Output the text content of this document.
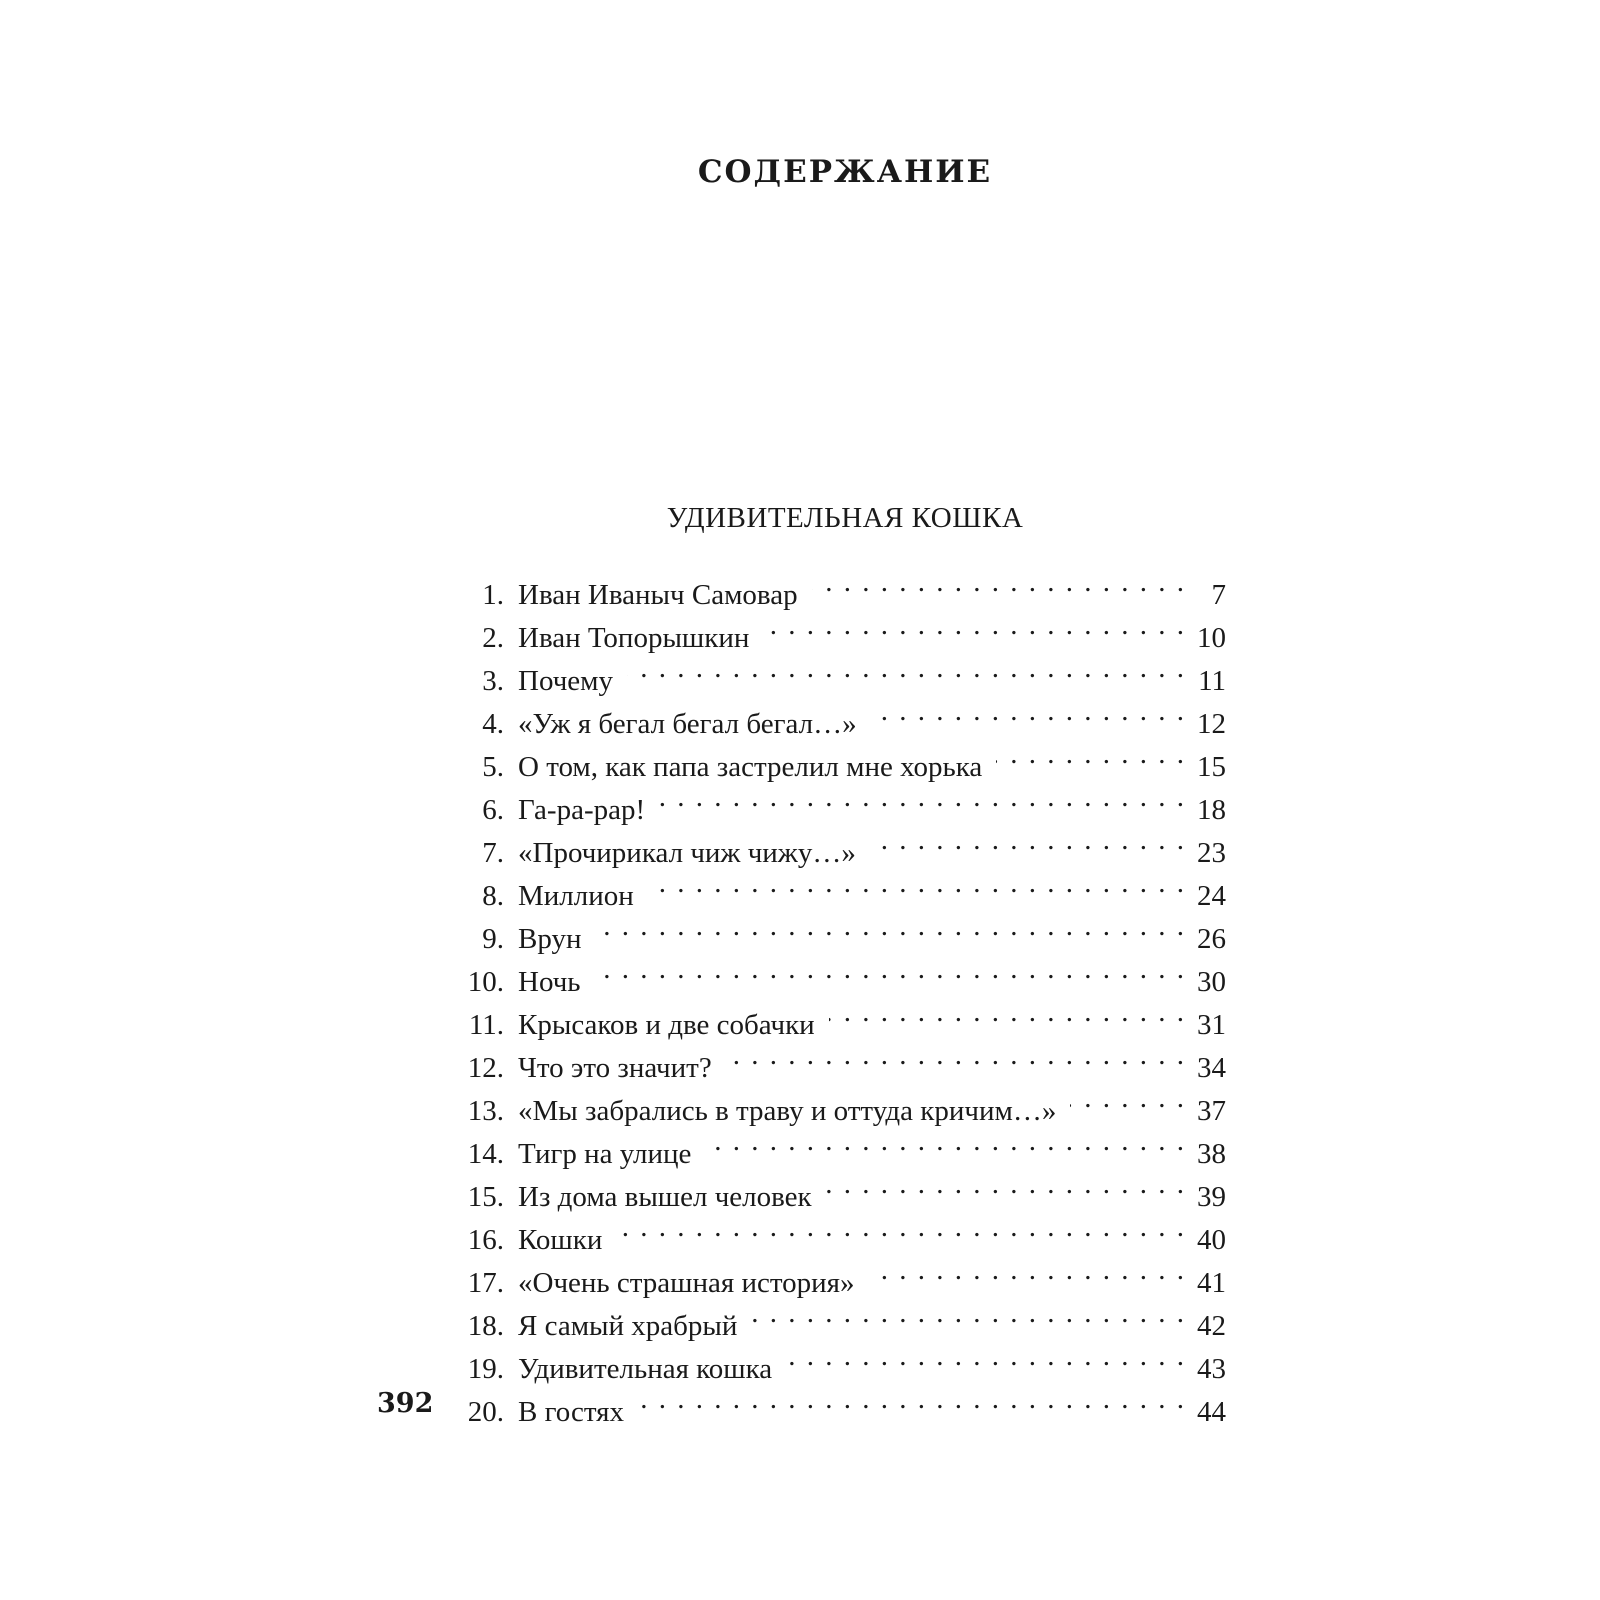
СОДЕРЖАНИЕ
УДИВИТЕЛЬНАЯ КОШКА
1. Иван Иваныч Самовар . . .	7
2. Иван Топорышкин . . .	10
3. Почему . . .	11
4. «Уж я бегал бегал бегал…» . . .	12
5. О том, как папа застрелил мне хорька . . .	15
6. Га-ра-рар! . . .	18
7. «Прочирикал чиж чижу…» . . .	23
8. Миллион . . .	24
9. Врун . . .	26
10. Ночь . . .	30
11. Крысаков и две собачки . . .	31
12. Что это значит? . . .	34
13. «Мы забрались в траву и оттуда кричим…» . . .	37
14. Тигр на улице . . .	38
15. Из дома вышел человек . . .	39
16. Кошки . . .	40
17. «Очень страшная история» . . .	41
18. Я самый храбрый . . .	42
19. Удивительная кошка . . .	43
20. В гостях . . .	44
392
